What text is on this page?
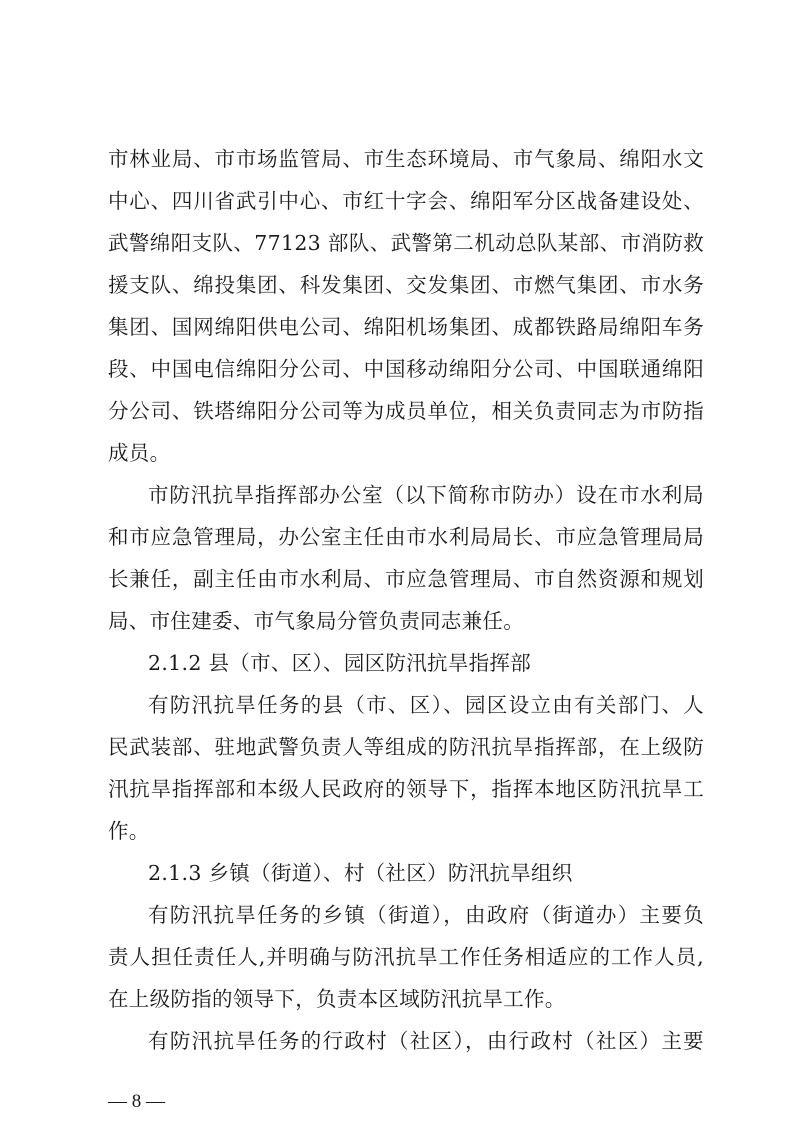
市林业局、市市场监管局、市生态环境局、市气象局、绵阳水文
中心、四川省武引中心、市红十字会、绵阳军分区战备建设处、
武警绵阳支队、77123 部队、武警第二机动总队某部、市消防救
援支队、绵投集团、科发集团、交发集团、市燃气集团、市水务
集团、国网绵阳供电公司、绵阳机场集团、成都铁路局绵阳车务
段、中国电信绵阳分公司、中国移动绵阳分公司、中国联通绵阳
分公司、铁塔绵阳分公司等为成员单位，相关负责同志为市防指
成员。
市防汛抗旱指挥部办公室（以下简称市防办）设在市水利局
和市应急管理局，办公室主任由市水利局局长、市应急管理局局
长兼任，副主任由市水利局、市应急管理局、市自然资源和规划
局、市住建委、市气象局分管负责同志兼任。
2.1.2 县（市、区）、园区防汛抗旱指挥部
有防汛抗旱任务的县（市、区）、园区设立由有关部门、人
民武装部、驻地武警负责人等组成的防汛抗旱指挥部，在上级防
汛抗旱指挥部和本级人民政府的领导下，指挥本地区防汛抗旱工
作。
2.1.3 乡镇（街道）、村（社区）防汛抗旱组织
有防汛抗旱任务的乡镇（街道），由政府（街道办）主要负
责人担任责任人,并明确与防汛抗旱工作任务相适应的工作人员,
在上级防指的领导下，负责本区域防汛抗旱工作。
有防汛抗旱任务的行政村（社区），由行政村（社区）主要
— 8 —
